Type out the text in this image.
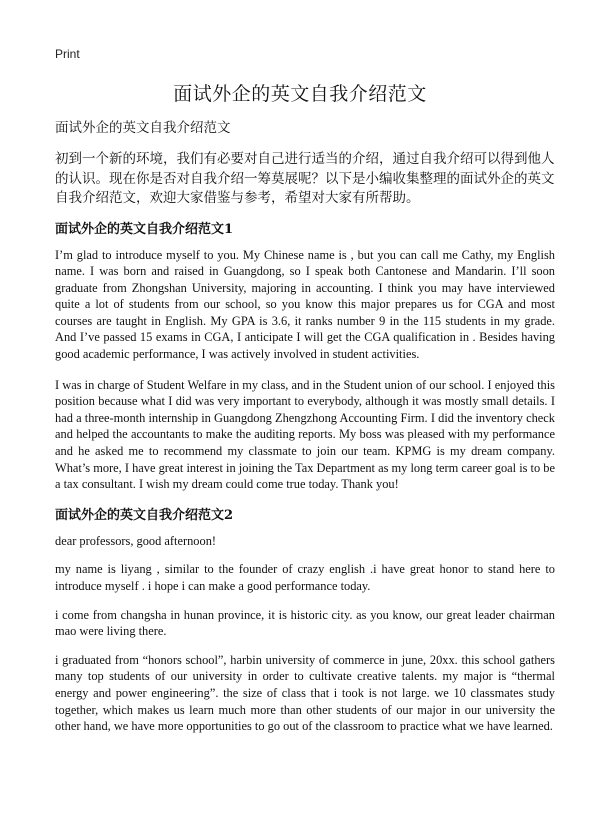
Print
面试外企的英文自我介绍范文
面试外企的英文自我介绍范文
初到一个新的环境，我们有必要对自己进行适当的介绍，通过自我介绍可以得到他人的认识。现在你是否对自我介绍一筹莫展呢？以下是小编收集整理的面试外企的英文自我介绍范文，欢迎大家借鉴与参考，希望对大家有所帮助。
面试外企的英文自我介绍范文1

I’m glad to introduce myself to you. My Chinese name is , but you can call me Cathy, my English name. I was born and raised in Guangdong, so I speak both Cantonese and Mandarin. I’ll soon graduate from Zhongshan University, majoring in accounting. I think you may have interviewed quite a lot of students from our school, so you know this major prepares us for CGA and most courses are taught in English. My GPA is 3.6, it ranks number 9 in the 115 students in my grade. And I’ve passed 15 exams in CGA, I anticipate I will get the CGA qualification in . Besides having good academic performance, I was actively involved in student activities.

I was in charge of Student Welfare in my class, and in the Student union of our school. I enjoyed this position because what I did was very important to everybody, although it was mostly small details. I had a three-month internship in Guangdong Zhengzhong Accounting Firm. I did the inventory check and helped the accountants to make the auditing reports. My boss was pleased with my performance and he asked me to recommend my classmate to join our team. KPMG is my dream company. What’s more, I have great interest in joining the Tax Department as my long term career goal is to be a tax consultant. I wish my dream could come true today. Thank you!

面试外企的英文自我介绍范文2

dear professors, good afternoon!

my name is liyang , similar to the founder of crazy english .i have great honor to stand here to introduce myself . i hope i can make a good performance today.

i come from changsha in hunan province, it is historic city. as you know, our great leader chairman mao were living there.

i graduated from “honors school”, harbin university of commerce in june, 20xx. this school gathers many top students of our university in order to cultivate creative talents. my major is “thermal energy and power engineering”. the size of class that i took is not large. we 10 classmates study together, which makes us learn much more than other students of our major in our university the other hand, we have more opportunities to go out of the classroom to practice what we have learned.
